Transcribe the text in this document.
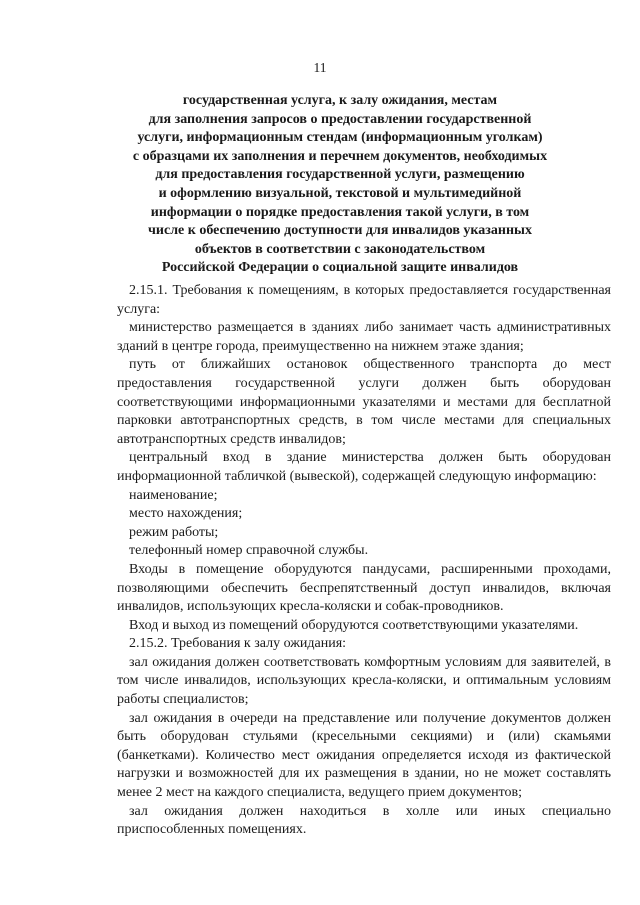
11
государственная услуга, к залу ожидания, местам
для заполнения запросов о предоставлении государственной
услуги, информационным стендам (информационным уголкам)
с образцами их заполнения и перечнем документов, необходимых
для предоставления государственной услуги, размещению
и оформлению визуальной, текстовой и мультимедийной
информации о порядке предоставления такой услуги, в том
числе к обеспечению доступности для инвалидов указанных
объектов в соответствии с законодательством
Российской Федерации о социальной защите инвалидов

2.15.1. Требования к помещениям, в которых предоставляется государственная услуга:

министерство размещается в зданиях либо занимает часть административных зданий в центре города, преимущественно на нижнем этаже здания;

путь от ближайших остановок общественного транспорта до мест предоставления государственной услуги должен быть оборудован соответствующими информационными указателями и местами для бесплатной парковки автотранспортных средств, в том числе местами для специальных автотранспортных средств инвалидов;

центральный вход в здание министерства должен быть оборудован информационной табличкой (вывеской), содержащей следующую информацию:

наименование;

место нахождения;

режим работы;

телефонный номер справочной службы.

Входы в помещение оборудуются пандусами, расширенными проходами, позволяющими обеспечить беспрепятственный доступ инвалидов, включая инвалидов, использующих кресла-коляски и собак-проводников.

Вход и выход из помещений оборудуются соответствующими указателями.

2.15.2. Требования к залу ожидания:

зал ожидания должен соответствовать комфортным условиям для заявителей, в том числе инвалидов, использующих кресла-коляски, и оптимальным условиям работы специалистов;

зал ожидания в очереди на представление или получение документов должен быть оборудован стульями (кресельными секциями) и (или) скамьями (банкетками). Количество мест ожидания определяется исходя из фактической нагрузки и возможностей для их размещения в здании, но не может составлять менее 2 мест на каждого специалиста, ведущего прием документов;

зал ожидания должен находиться в холле или иных специально приспособленных помещениях.
